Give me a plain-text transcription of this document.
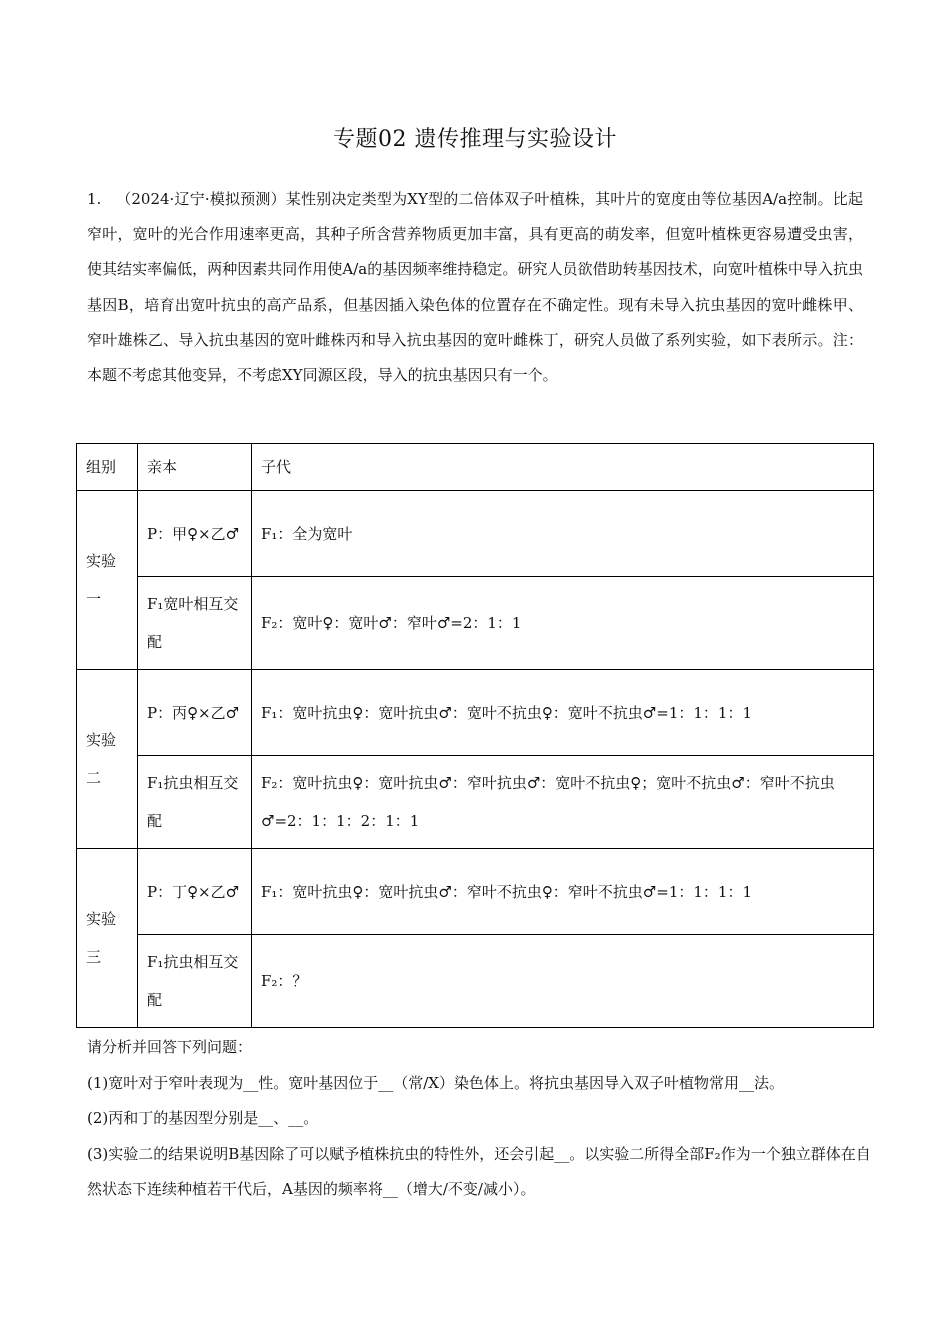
专题02 遗传推理与实验设计
1. （2024·辽宁·模拟预测）某性别决定类型为XY型的二倍体双子叶植株，其叶片的宽度由等位基因A/a控制。比起窄叶，宽叶的光合作用速率更高，其种子所含营养物质更加丰富，具有更高的萌发率，但宽叶植株更容易遭受虫害，使其结实率偏低，两种因素共同作用使A/a的基因频率维持稳定。研究人员欲借助转基因技术，向宽叶植株中导入抗虫基因B，培育出宽叶抗虫的高产品系，但基因插入染色体的位置存在不确定性。现有未导入抗虫基因的宽叶雌株甲、窄叶雄株乙、导入抗虫基因的宽叶雌株丙和导入抗虫基因的宽叶雌株丁，研究人员做了系列实验，如下表所示。注：本题不考虑其他变异，不考虑XY同源区段，导入的抗虫基因只有一个。
组别	亲本	子代
实验一	P：甲♀×乙♂	F₁：全为宽叶
	F₁宽叶相互交配	F₂：宽叶♀：宽叶♂：窄叶♂=2：1：1
实验二	P：丙♀×乙♂	F₁：宽叶抗虫♀：宽叶抗虫♂：宽叶不抗虫♀：宽叶不抗虫♂=1：1：1：1
	F₁抗虫相互交配	F₂：宽叶抗虫♀：宽叶抗虫♂：窄叶抗虫♂：宽叶不抗虫♀；宽叶不抗虫♂：窄叶不抗虫♂=2：1：1：2：1：1
实验三	P：丁♀×乙♂	F₁：宽叶抗虫♀：宽叶抗虫♂：窄叶不抗虫♀：窄叶不抗虫♂=1：1：1：1
	F₁抗虫相互交配	F₂：？
请分析并回答下列问题：
(1)宽叶对于窄叶表现为__性。宽叶基因位于__（常/X）染色体上。将抗虫基因导入双子叶植物常用__法。
(2)丙和丁的基因型分别是__、__。
(3)实验二的结果说明B基因除了可以赋予植株抗虫的特性外，还会引起__。以实验二所得全部F₂作为一个独立群体在自然状态下连续种植若干代后，A基因的频率将__（增大/不变/减小）。
